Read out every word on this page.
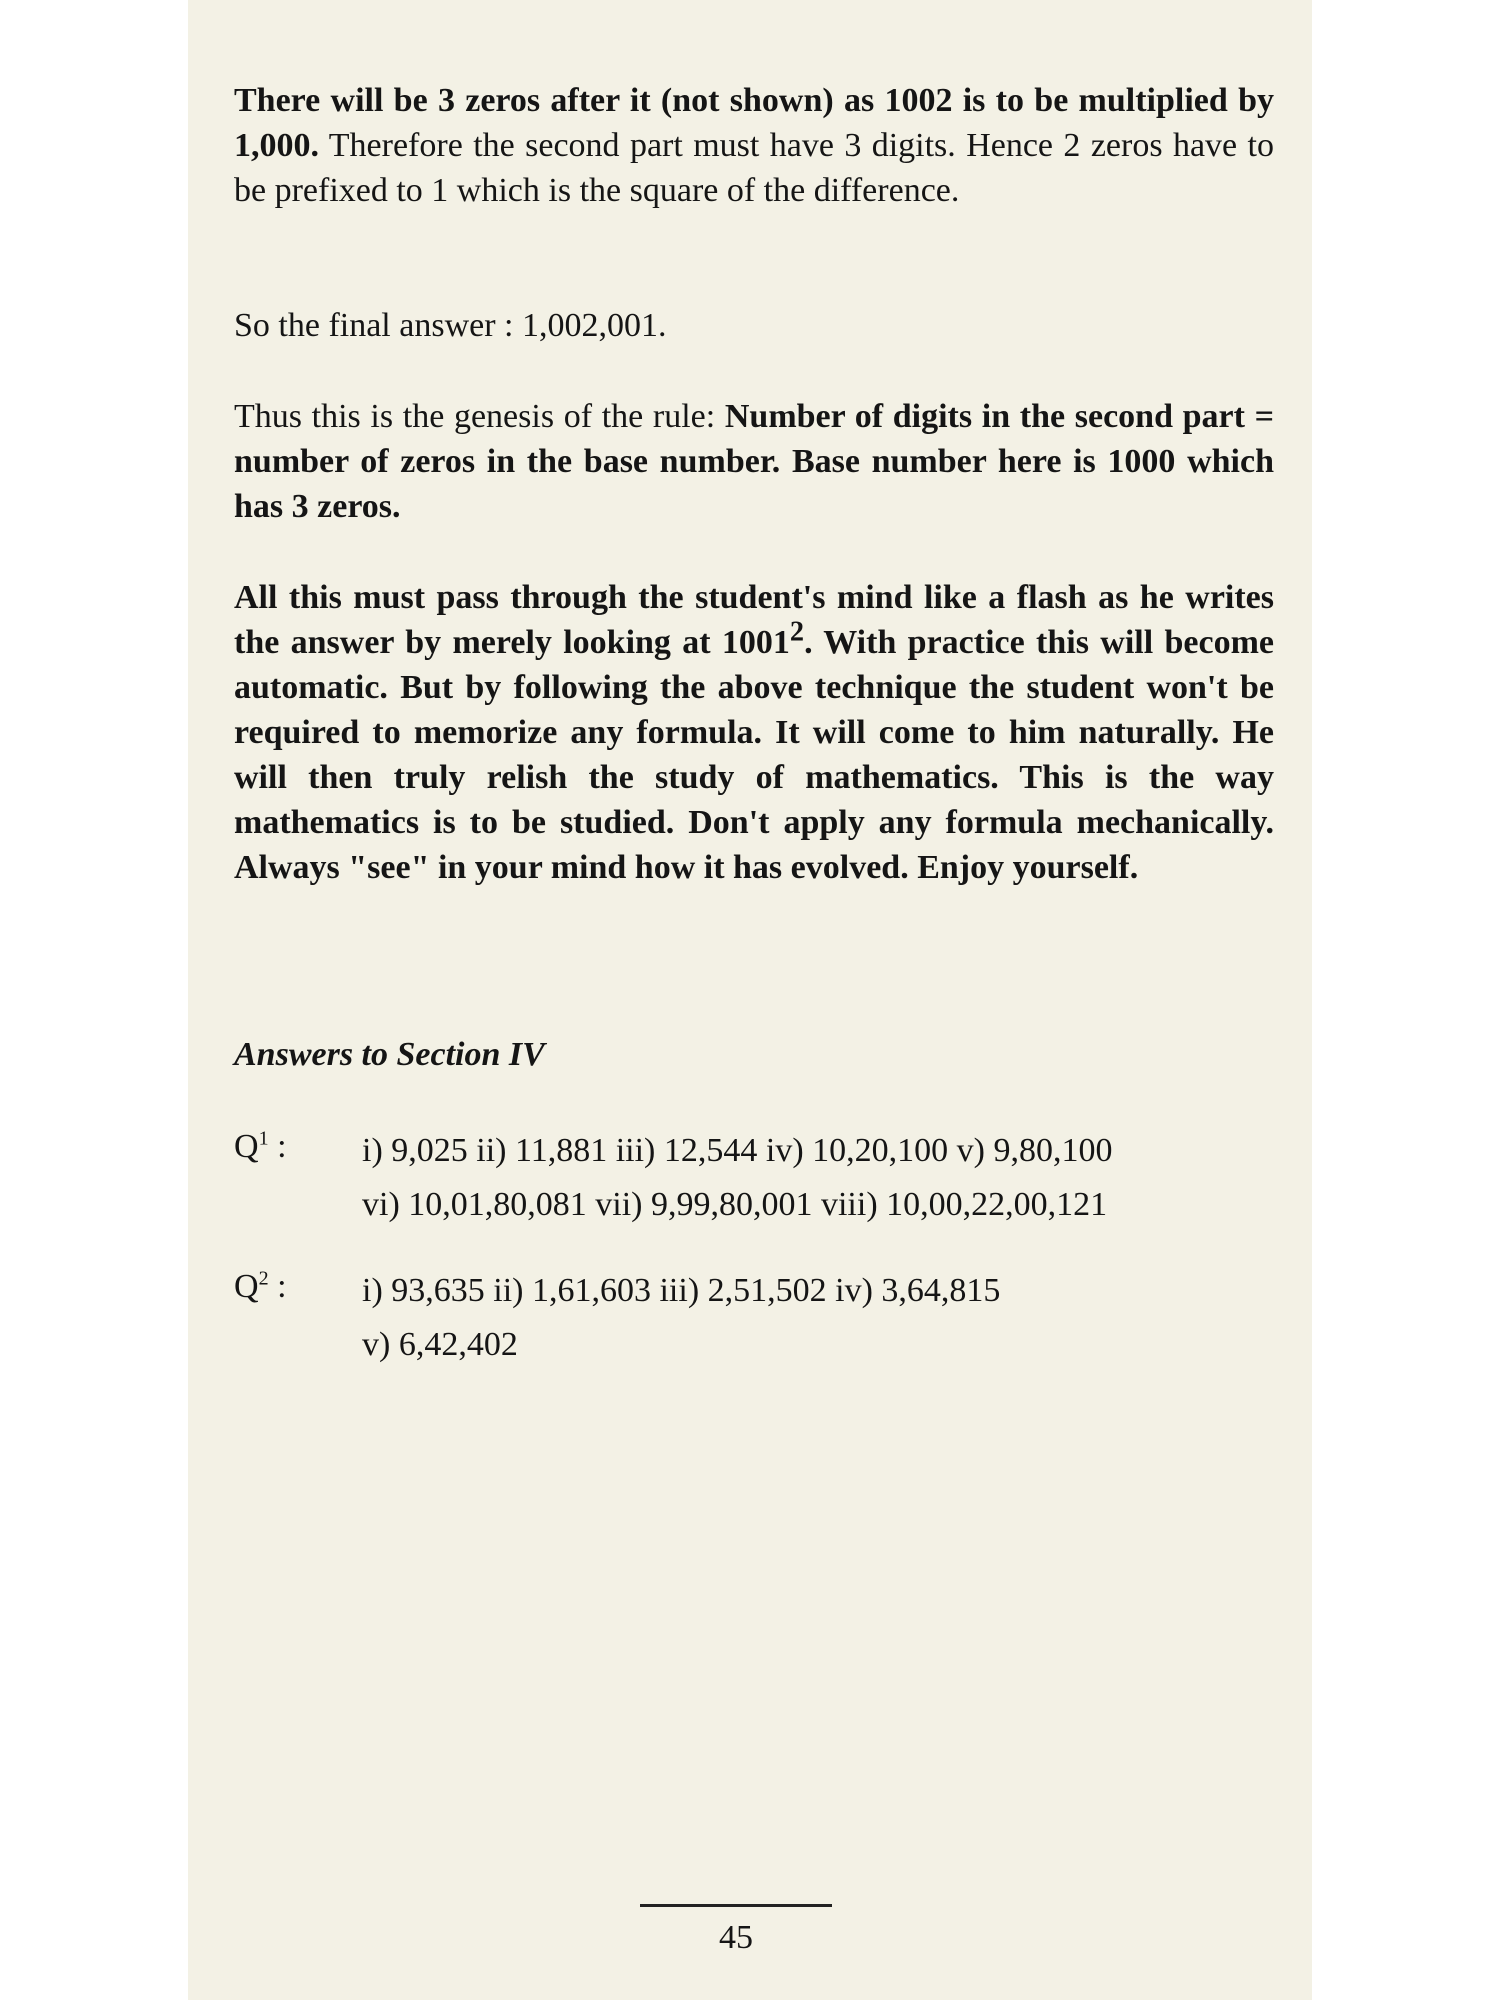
There will be 3 zeros after it (not shown) as 1002 is to be multiplied by 1,000. Therefore the second part must have 3 digits. Hence 2 zeros have to be prefixed to 1 which is the square of the difference.
So the final answer : 1,002,001.
Thus this is the genesis of the rule: Number of digits in the second part = number of zeros in the base number. Base number here is 1000 which has 3 zeros.
All this must pass through the student's mind like a flash as he writes the answer by merely looking at 1001$^2$. With practice this will become automatic. But by following the above technique the student won't be required to memorize any formula. It will come to him naturally. He will then truly relish the study of mathematics. This is the way mathematics is to be studied. Don't apply any formula mechanically. Always "see" in your mind how it has evolved. Enjoy yourself.
Answers to Section IV
$Q^1$ : i) 9,025 ii) 11,881 iii) 12,544 iv) 10,20,100 v) 9,80,100
vi) 10,01,80,081 vii) 9,99,80,001 viii) 10,00,22,00,121
$Q^2$ : i) 93,635 ii) 1,61,603 iii) 2,51,502 iv) 3,64,815
v) 6,42,402
45
